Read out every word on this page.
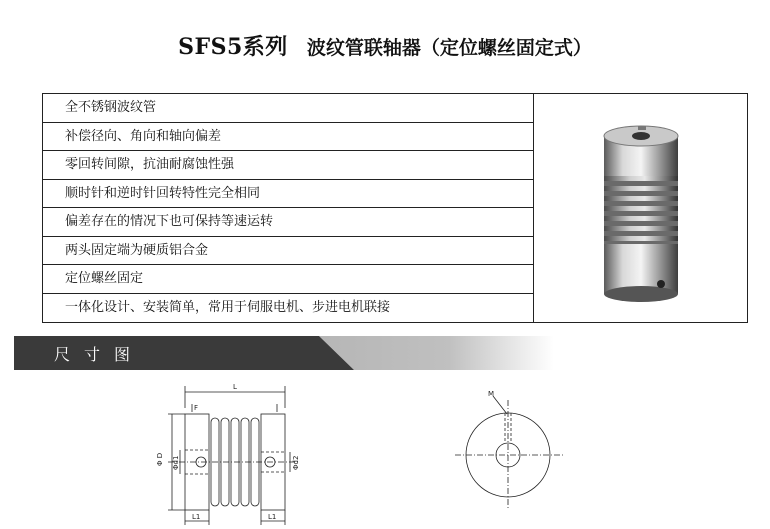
SFS5系列 波纹管联轴器（定位螺丝固定式）
全不锈钢波纹管
补偿径向、角向和轴向偏差
零回转间隙，抗油耐腐蚀性强
顺时针和逆时针回转特性完全相同
偏差存在的情况下也可保持等速运转
两头固定端为硬质铝合金
定位螺丝固定
一体化设计、安装简单，常用于伺服电机、步进电机联接
尺寸图
L
F
Φ D Φd1	Φd2
L1	L1
M
